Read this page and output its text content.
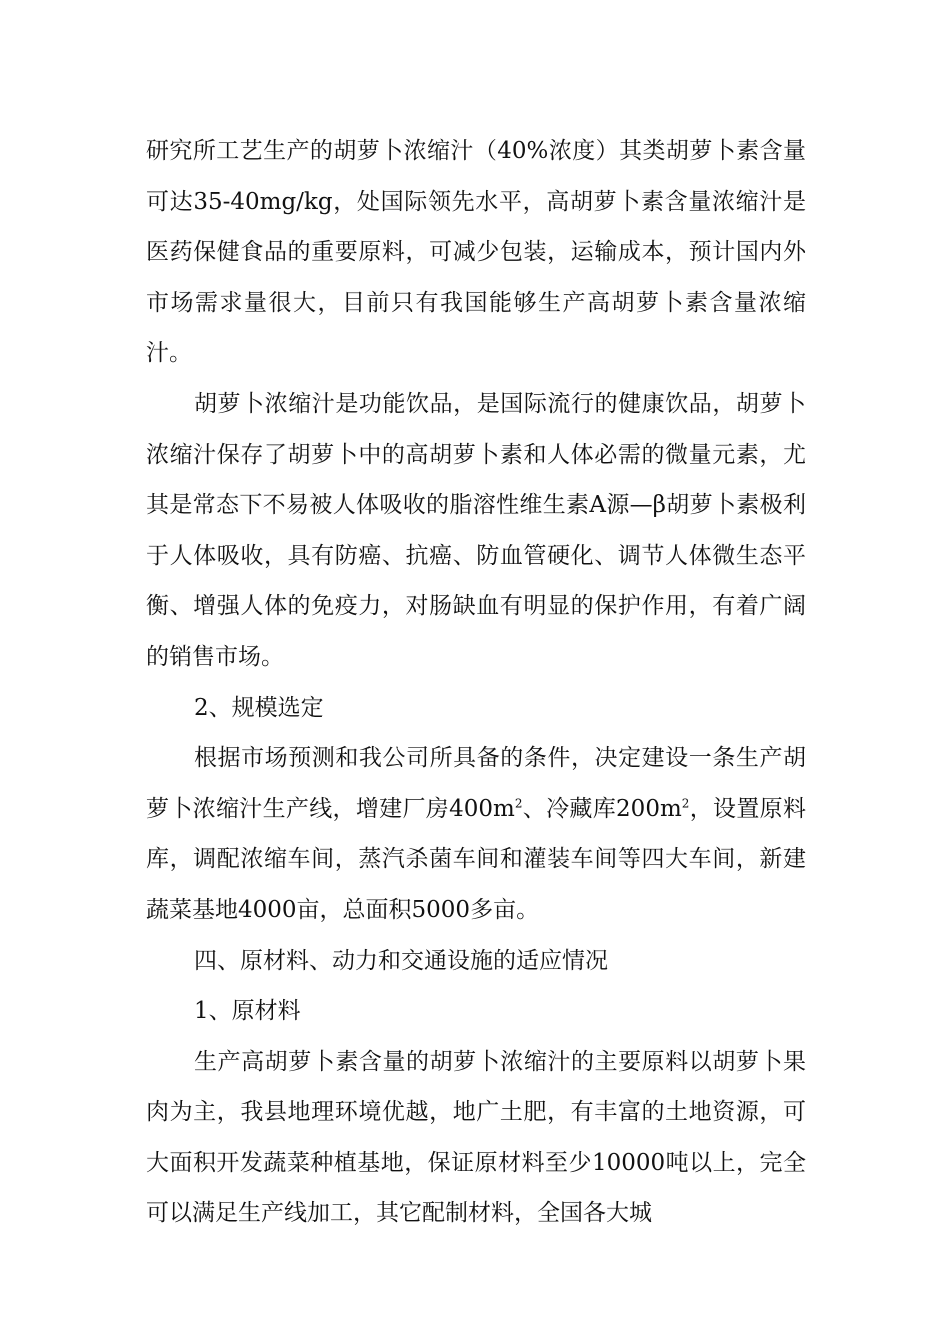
研究所工艺生产的胡萝卜浓缩汁（40%浓度）其类胡萝卜素含量可达35-40mg/kg，处国际领先水平，高胡萝卜素含量浓缩汁是医药保健食品的重要原料，可减少包装，运输成本，预计国内外市场需求量很大，目前只有我国能够生产高胡萝卜素含量浓缩汁。

胡萝卜浓缩汁是功能饮品，是国际流行的健康饮品，胡萝卜浓缩汁保存了胡萝卜中的高胡萝卜素和人体必需的微量元素，尤其是常态下不易被人体吸收的脂溶性维生素A源—β胡萝卜素极利于人体吸收，具有防癌、抗癌、防血管硬化、调节人体微生态平衡、增强人体的免疫力，对肠缺血有明显的保护作用，有着广阔的销售市场。

2、规模选定

根据市场预测和我公司所具备的条件，决定建设一条生产胡萝卜浓缩汁生产线，增建厂房$400m^2$、冷藏库$200m^2$，设置原料库，调配浓缩车间，蒸汽杀菌车间和灌装车间等四大车间，新建蔬菜基地4000亩，总面积5000多亩。

四、原材料、动力和交通设施的适应情况

1、原材料

生产高胡萝卜素含量的胡萝卜浓缩汁的主要原料以胡萝卜果肉为主，我县地理环境优越，地广土肥，有丰富的土地资源，可大面积开发蔬菜种植基地，保证原材料至少10000吨以上，完全可以满足生产线加工，其它配制材料，全国各大城
